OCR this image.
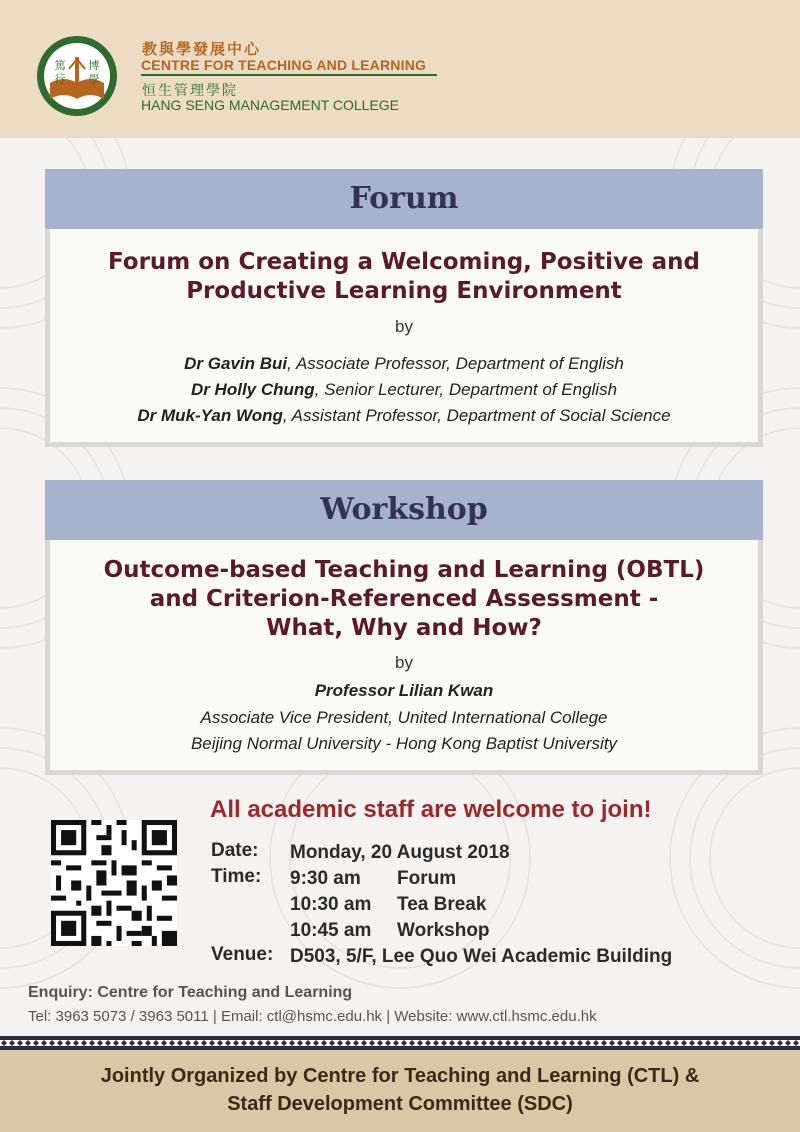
篤 博
行 學
教與學發展中心
CENTRE FOR TEACHING AND LEARNING
恒生管理學院
HANG SENG MANAGEMENT COLLEGE
Forum
Forum on Creating a Welcoming, Positive and
Productive Learning Environment
by
Dr Gavin Bui, Associate Professor, Department of English
Dr Holly Chung, Senior Lecturer, Department of English
Dr Muk-Yan Wong, Assistant Professor, Department of Social Science
Workshop
Outcome-based Teaching and Learning (OBTL)
and Criterion-Referenced Assessment -
What, Why and How?
by
Professor Lilian Kwan
Associate Vice President, United International College
Beijing Normal University - Hong Kong Baptist University
All academic staff are welcome to join!
Date: Monday, 20 August 2018
Time: 9:30 am Forum
10:30 am Tea Break
10:45 am Workshop
Venue: D503, 5/F, Lee Quo Wei Academic Building
Enquiry: Centre for Teaching and Learning
Tel: 3963 5073 / 3963 5011 | Email: ctl@hsmc.edu.hk | Website: www.ctl.hsmc.edu.hk
Jointly Organized by Centre for Teaching and Learning (CTL) &
Staff Development Committee (SDC)
